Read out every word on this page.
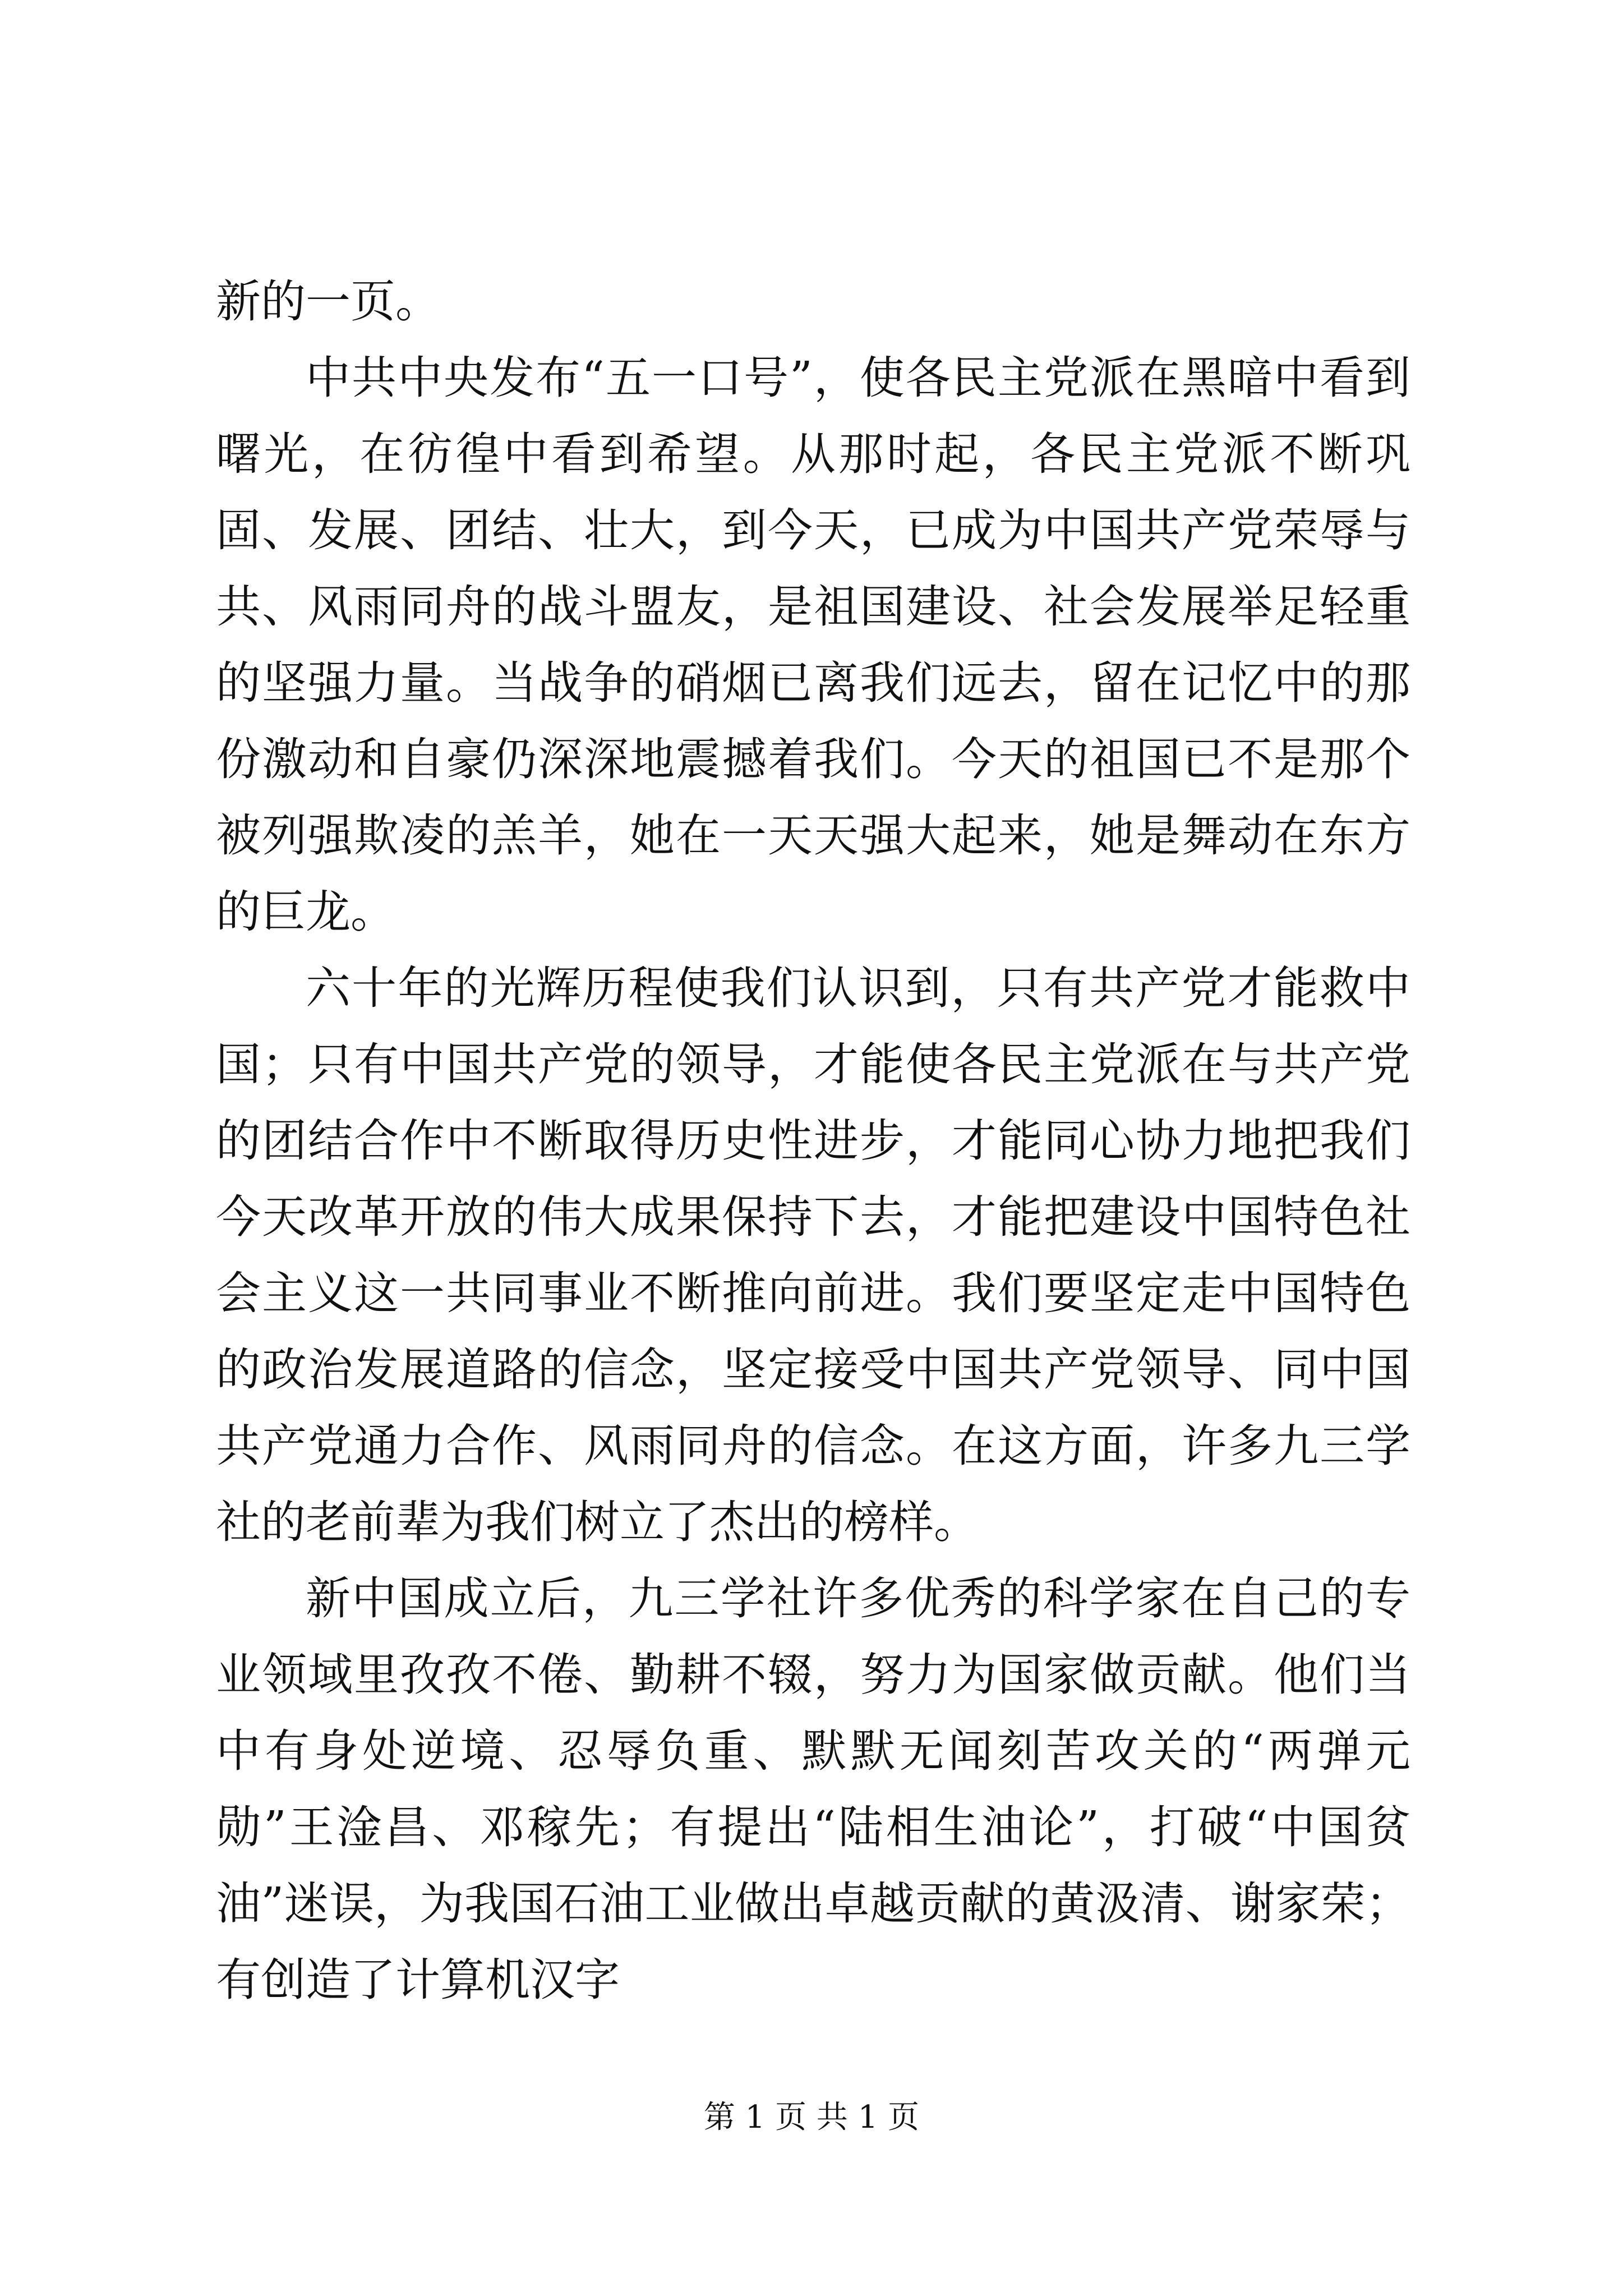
新的一页。

中共中央发布“五一口号”，使各民主党派在黑暗中看到曙光，在彷徨中看到希望。从那时起，各民主党派不断巩固、发展、团结、壮大，到今天，已成为中国共产党荣辱与共、风雨同舟的战斗盟友，是祖国建设、社会发展举足轻重的坚强力量。当战争的硝烟已离我们远去，留在记忆中的那份激动和自豪仍深深地震撼着我们。今天的祖国已不是那个被列强欺凌的羔羊，她在一天天强大起来，她是舞动在东方的巨龙。

六十年的光辉历程使我们认识到，只有共产党才能救中国；只有中国共产党的领导，才能使各民主党派在与共产党的团结合作中不断取得历史性进步，才能同心协力地把我们今天改革开放的伟大成果保持下去，才能把建设中国特色社会主义这一共同事业不断推向前进。我们要坚定走中国特色的政治发展道路的信念，坚定接受中国共产党领导、同中国共产党通力合作、风雨同舟的信念。在这方面，许多九三学社的老前辈为我们树立了杰出的榜样。

新中国成立后，九三学社许多优秀的科学家在自己的专业领域里孜孜不倦、勤耕不辍，努力为国家做贡献。他们当中有身处逆境、忍辱负重、默默无闻刻苦攻关的“两弹元勋”王淦昌、邓稼先；有提出“陆相生油论”，打破“中国贫油”迷误，为我国石油工业做出卓越贡献的黄汲清、谢家荣；有创造了计算机汉字

第 1 页 共 1 页
